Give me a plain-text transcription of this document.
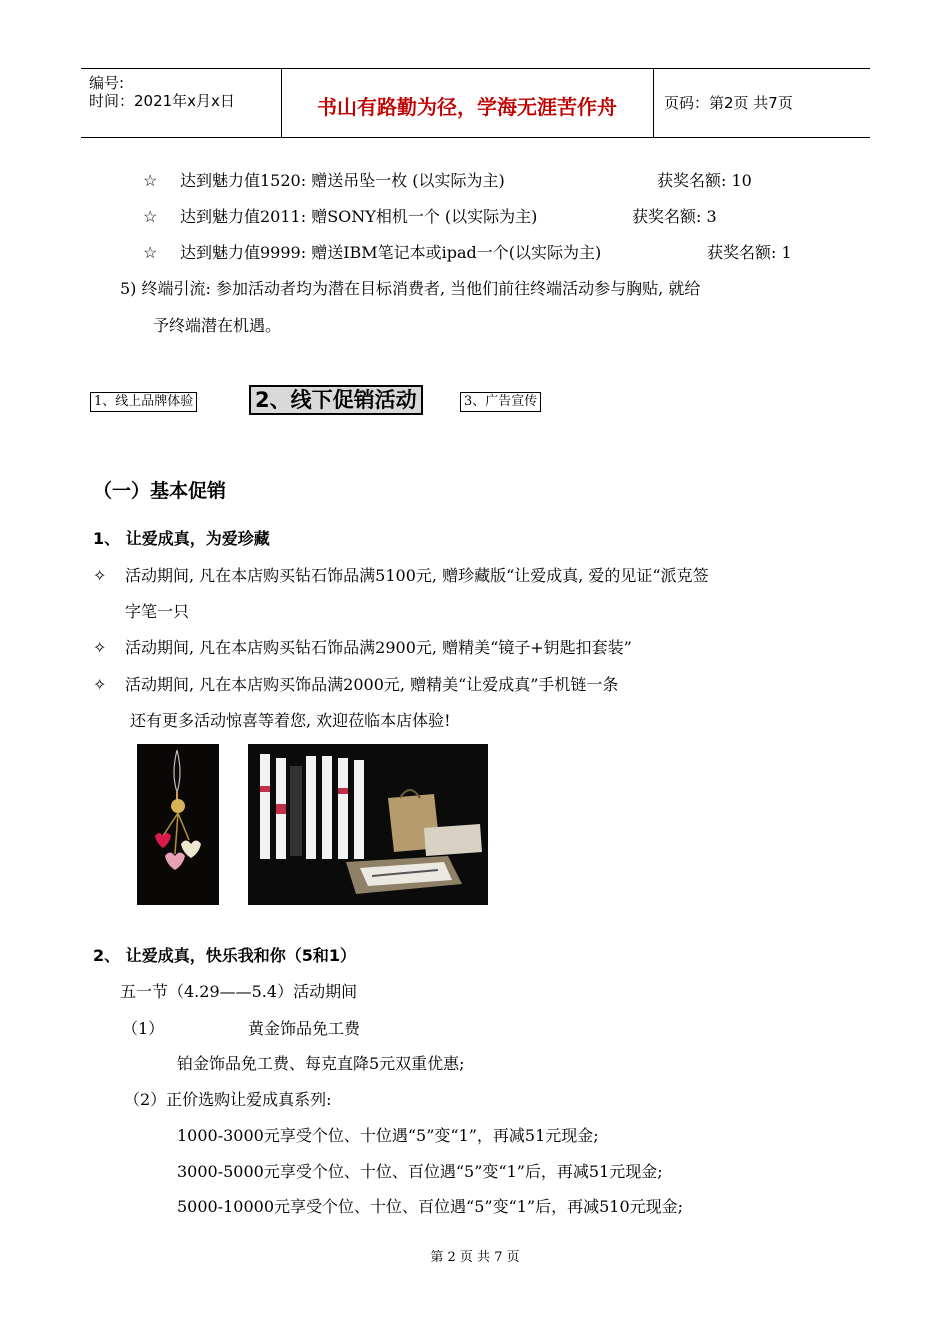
编号:
时间：2021年x月x日	书山有路勤为径，学海无涯苦作舟	页码：第2页 共7页
☆ 达到魅力值1520: 赠送吊坠一枚 (以实际为主)	获奖名额: 10
☆ 达到魅力值2011: 赠SONY相机一个 (以实际为主)	获奖名额: 3
☆ 达到魅力值9999: 赠送IBM笔记本或ipad一个(以实际为主)	获奖名额: 1
5) 终端引流: 参加活动者均为潜在目标消费者, 当他们前往终端活动参与胸贴, 就给
予终端潜在机遇。
1、线上品牌体验	2、线下促销活动	3、广告宣传
（一）基本促销
1、 让爱成真，为爱珍藏
✧ 活动期间, 凡在本店购买钻石饰品满5100元, 赠珍藏版“让爱成真, 爱的见证“派克签
字笔一只
✧ 活动期间, 凡在本店购买钻石饰品满2900元, 赠精美“镜子+钥匙扣套装”
✧ 活动期间, 凡在本店购买饰品满2000元, 赠精美“让爱成真”手机链一条
还有更多活动惊喜等着您, 欢迎莅临本店体验!
2、 让爱成真，快乐我和你（5和1）
五一节（4.29——5.4）活动期间
（1）	黄金饰品免工费
铂金饰品免工费、每克直降5元双重优惠;
（2）正价选购让爱成真系列:
1000-3000元享受个位、十位遇“5”变“1”，再减51元现金;
3000-5000元享受个位、十位、百位遇“5”变“1”后，再减51元现金;
5000-10000元享受个位、十位、百位遇“5”变“1”后，再减510元现金;
第 2 页 共 7 页
